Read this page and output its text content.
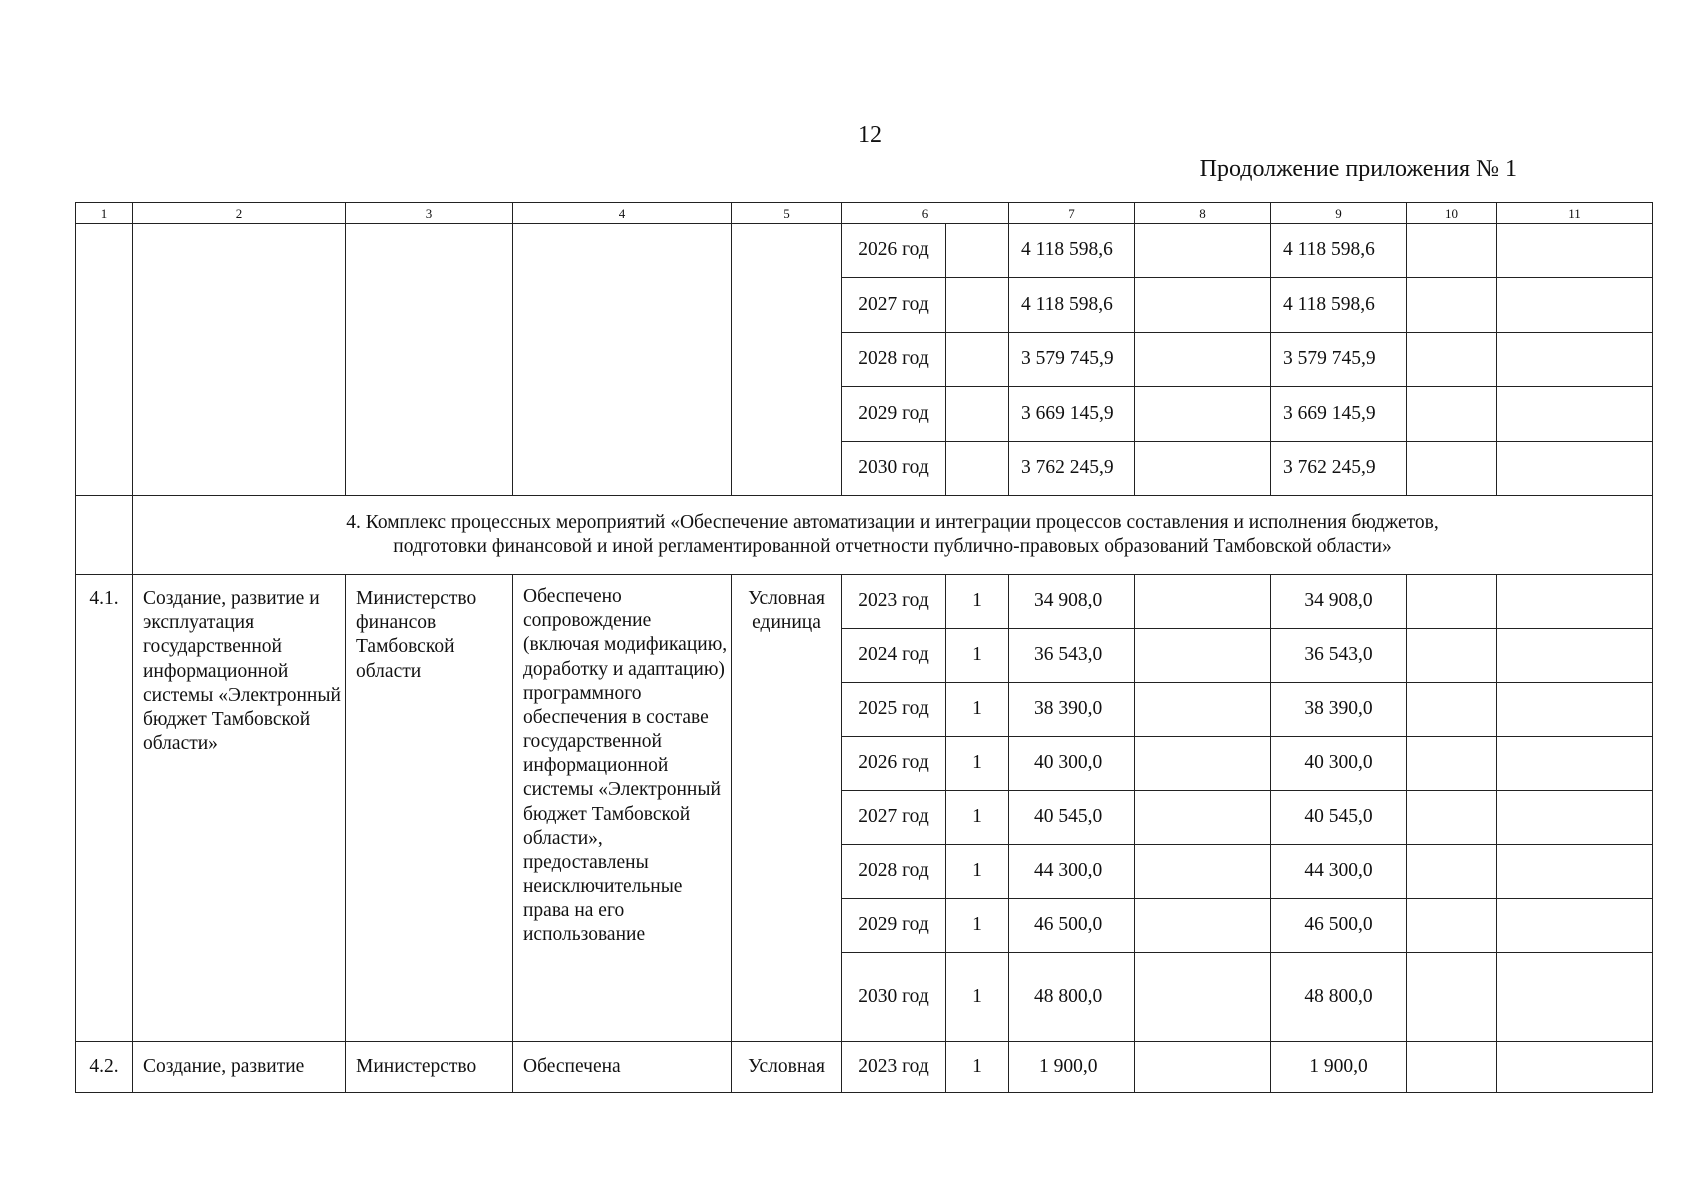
12
Продолжение приложения № 1
1	2	3	4	5	6		7	8	9	10	11
					2026 год		4 118 598,6		4 118 598,6		
					2027 год		4 118 598,6		4 118 598,6		
					2028 год		3 579 745,9		3 579 745,9		
					2029 год		3 669 145,9		3 669 145,9		
					2030 год		3 762 245,9		3 762 245,9		

	4. Комплекс процессных мероприятий «Обеспечение автоматизации и интеграции процессов составления и исполнения бюджетов,
подготовки финансовой и иной регламентированной отчетности публично-правовых образований Тамбовской области»										

4.1.	Создание, развитие и эксплуатация государственной информационной системы «Электронный бюджет Тамбовской области»	Министерство финансов Тамбовской области	Обеспечено сопровождение (включая модификацию, доработку и адаптацию) программного обеспечения в составе государственной информационной системы «Электронный бюджет Тамбовской области», предоставлены неисключительные права на его использование	Условная единица	2023 год	1	34 908,0		34 908,0		
					2024 год	1	36 543,0		36 543,0		
					2025 год	1	38 390,0		38 390,0		
					2026 год	1	40 300,0		40 300,0		
					2027 год	1	40 545,0		40 545,0		
					2028 год	1	44 300,0		44 300,0		
					2029 год	1	46 500,0		46 500,0		
					2030 год	1	48 800,0		48 800,0		
4.2.	Создание, развитие	Министерство	Обеспечена	Условная	2023 год	1	1 900,0		1 900,0		
